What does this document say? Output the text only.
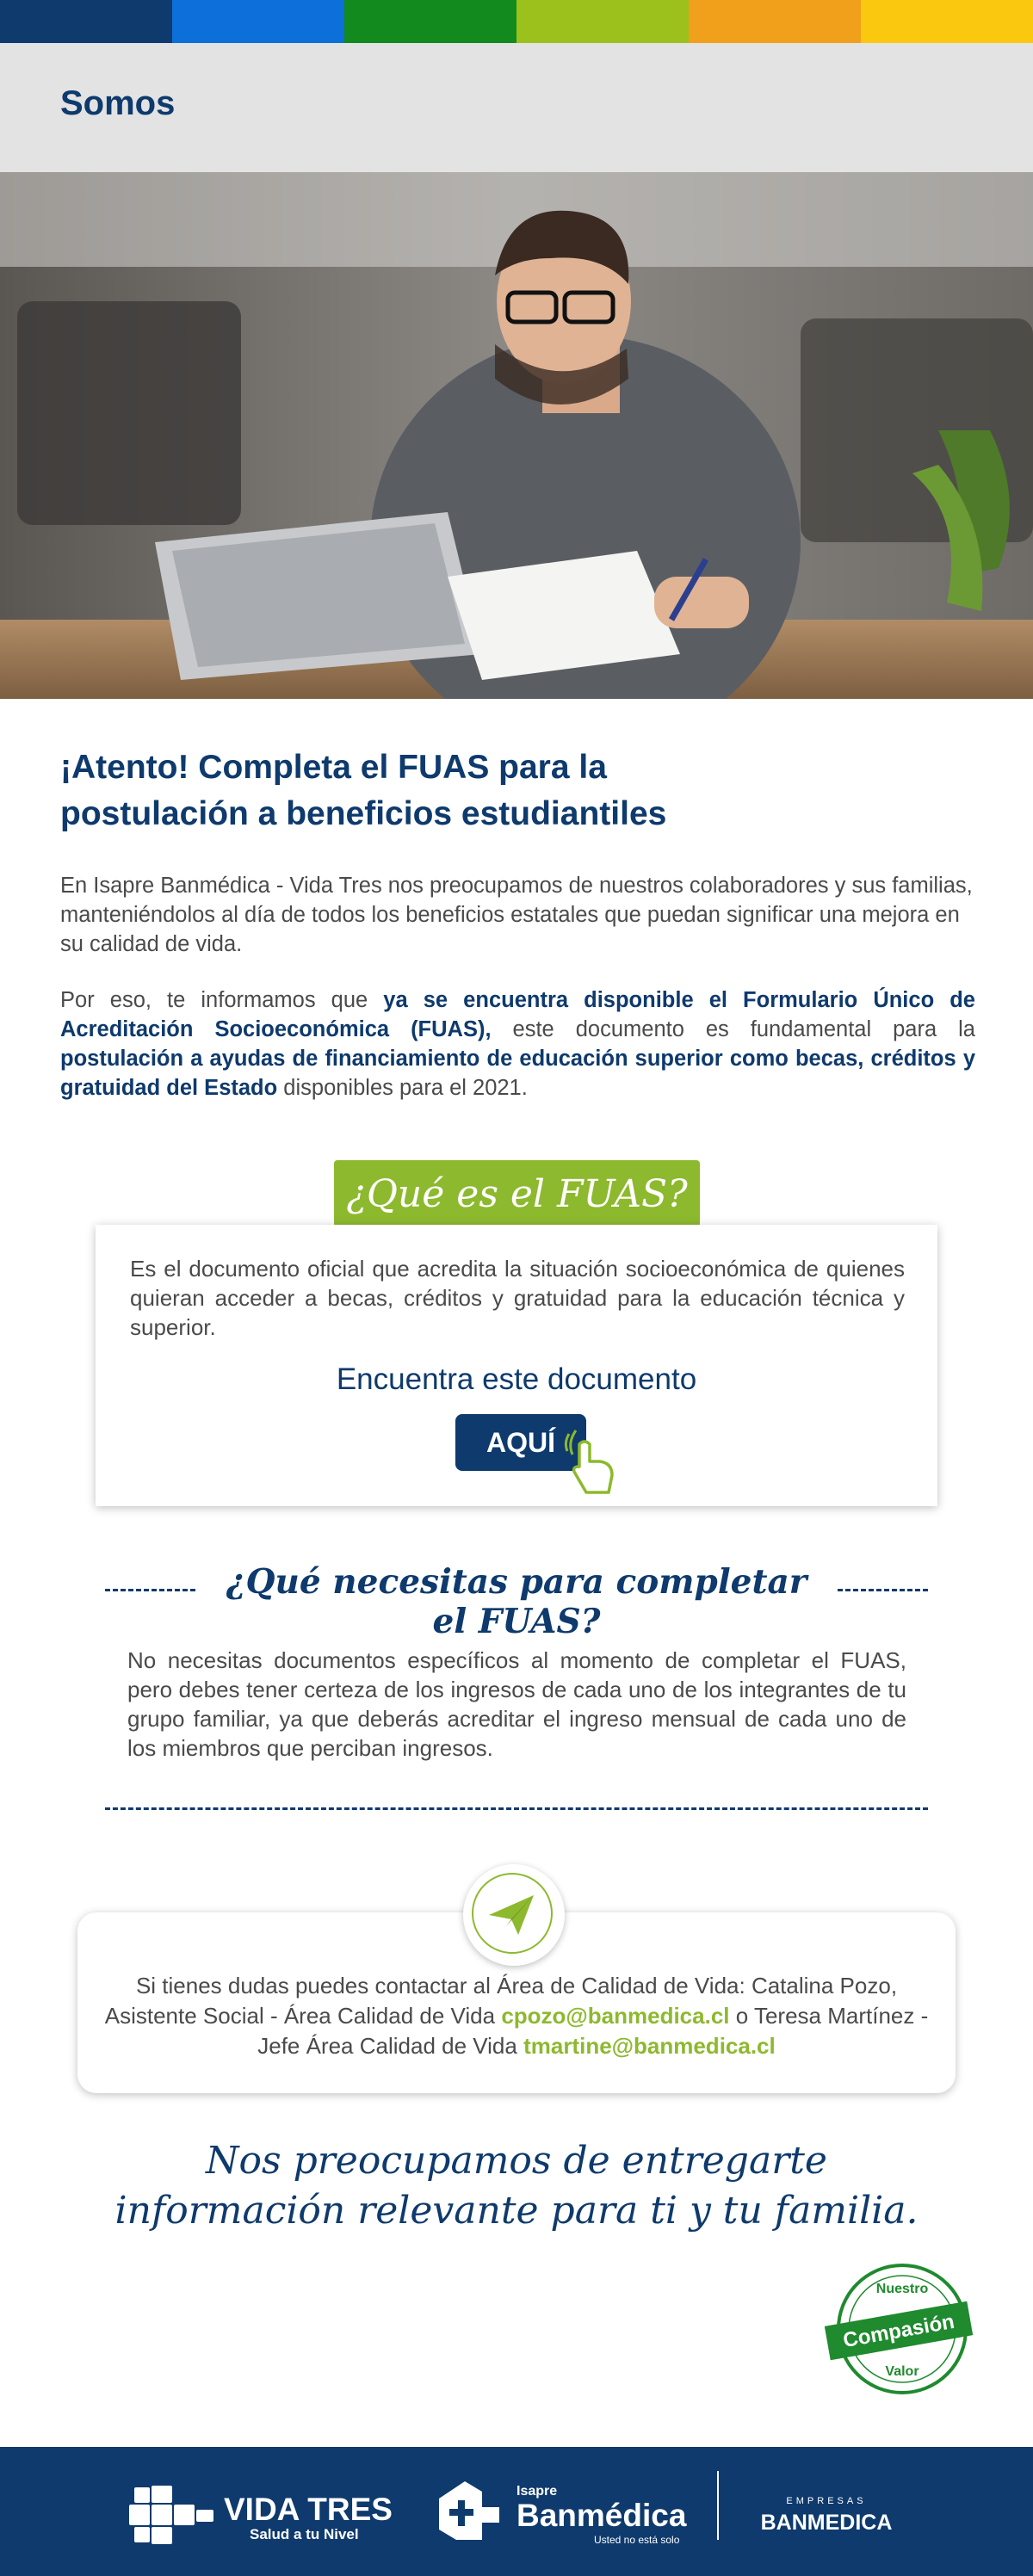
Somos
¡Atento! Completa el FUAS para la
postulación a beneficios estudiantiles

En Isapre Banmédica - Vida Tres nos preocupamos de nuestros colaboradores y sus familias, manteniéndolos al día de todos los beneficios estatales que puedan significar una mejora en su calidad de vida.

Por eso, te informamos que ya se encuentra disponible el Formulario Único de Acreditación Socioeconómica (FUAS), este documento es fundamental para la postulación a ayudas de financiamiento de educación superior como becas, créditos y gratuidad del Estado disponibles para el 2021.

¿Qué es el FUAS?

Es el documento oficial que acredita la situación socioeconómica de quienes quieran acceder a becas, créditos y gratuidad para la educación técnica y superior.

Encuentra este documento

AQUÍ
¿Qué necesitas para completar el FUAS?

No necesitas documentos específicos al momento de completar el FUAS, pero debes tener certeza de los ingresos de cada uno de los integrantes de tu grupo familiar, ya que deberás acreditar el ingreso mensual de cada uno de los miembros que perciban ingresos.

Si tienes dudas puedes contactar al Área de Calidad de Vida: Catalina Pozo, Asistente Social - Área Calidad de Vida cpozo@banmedica.cl o Teresa Martínez - Jefe Área Calidad de Vida tmartine@banmedica.cl

Nos preocupamos de entregarte
información relevante para ti y tu familia.

Nuestro
Compasión
Valor
VIDA TRES
Salud a tu Nivel
Isapre
Banmédica
Usted no está solo
EMPRESAS
BANMEDICA
